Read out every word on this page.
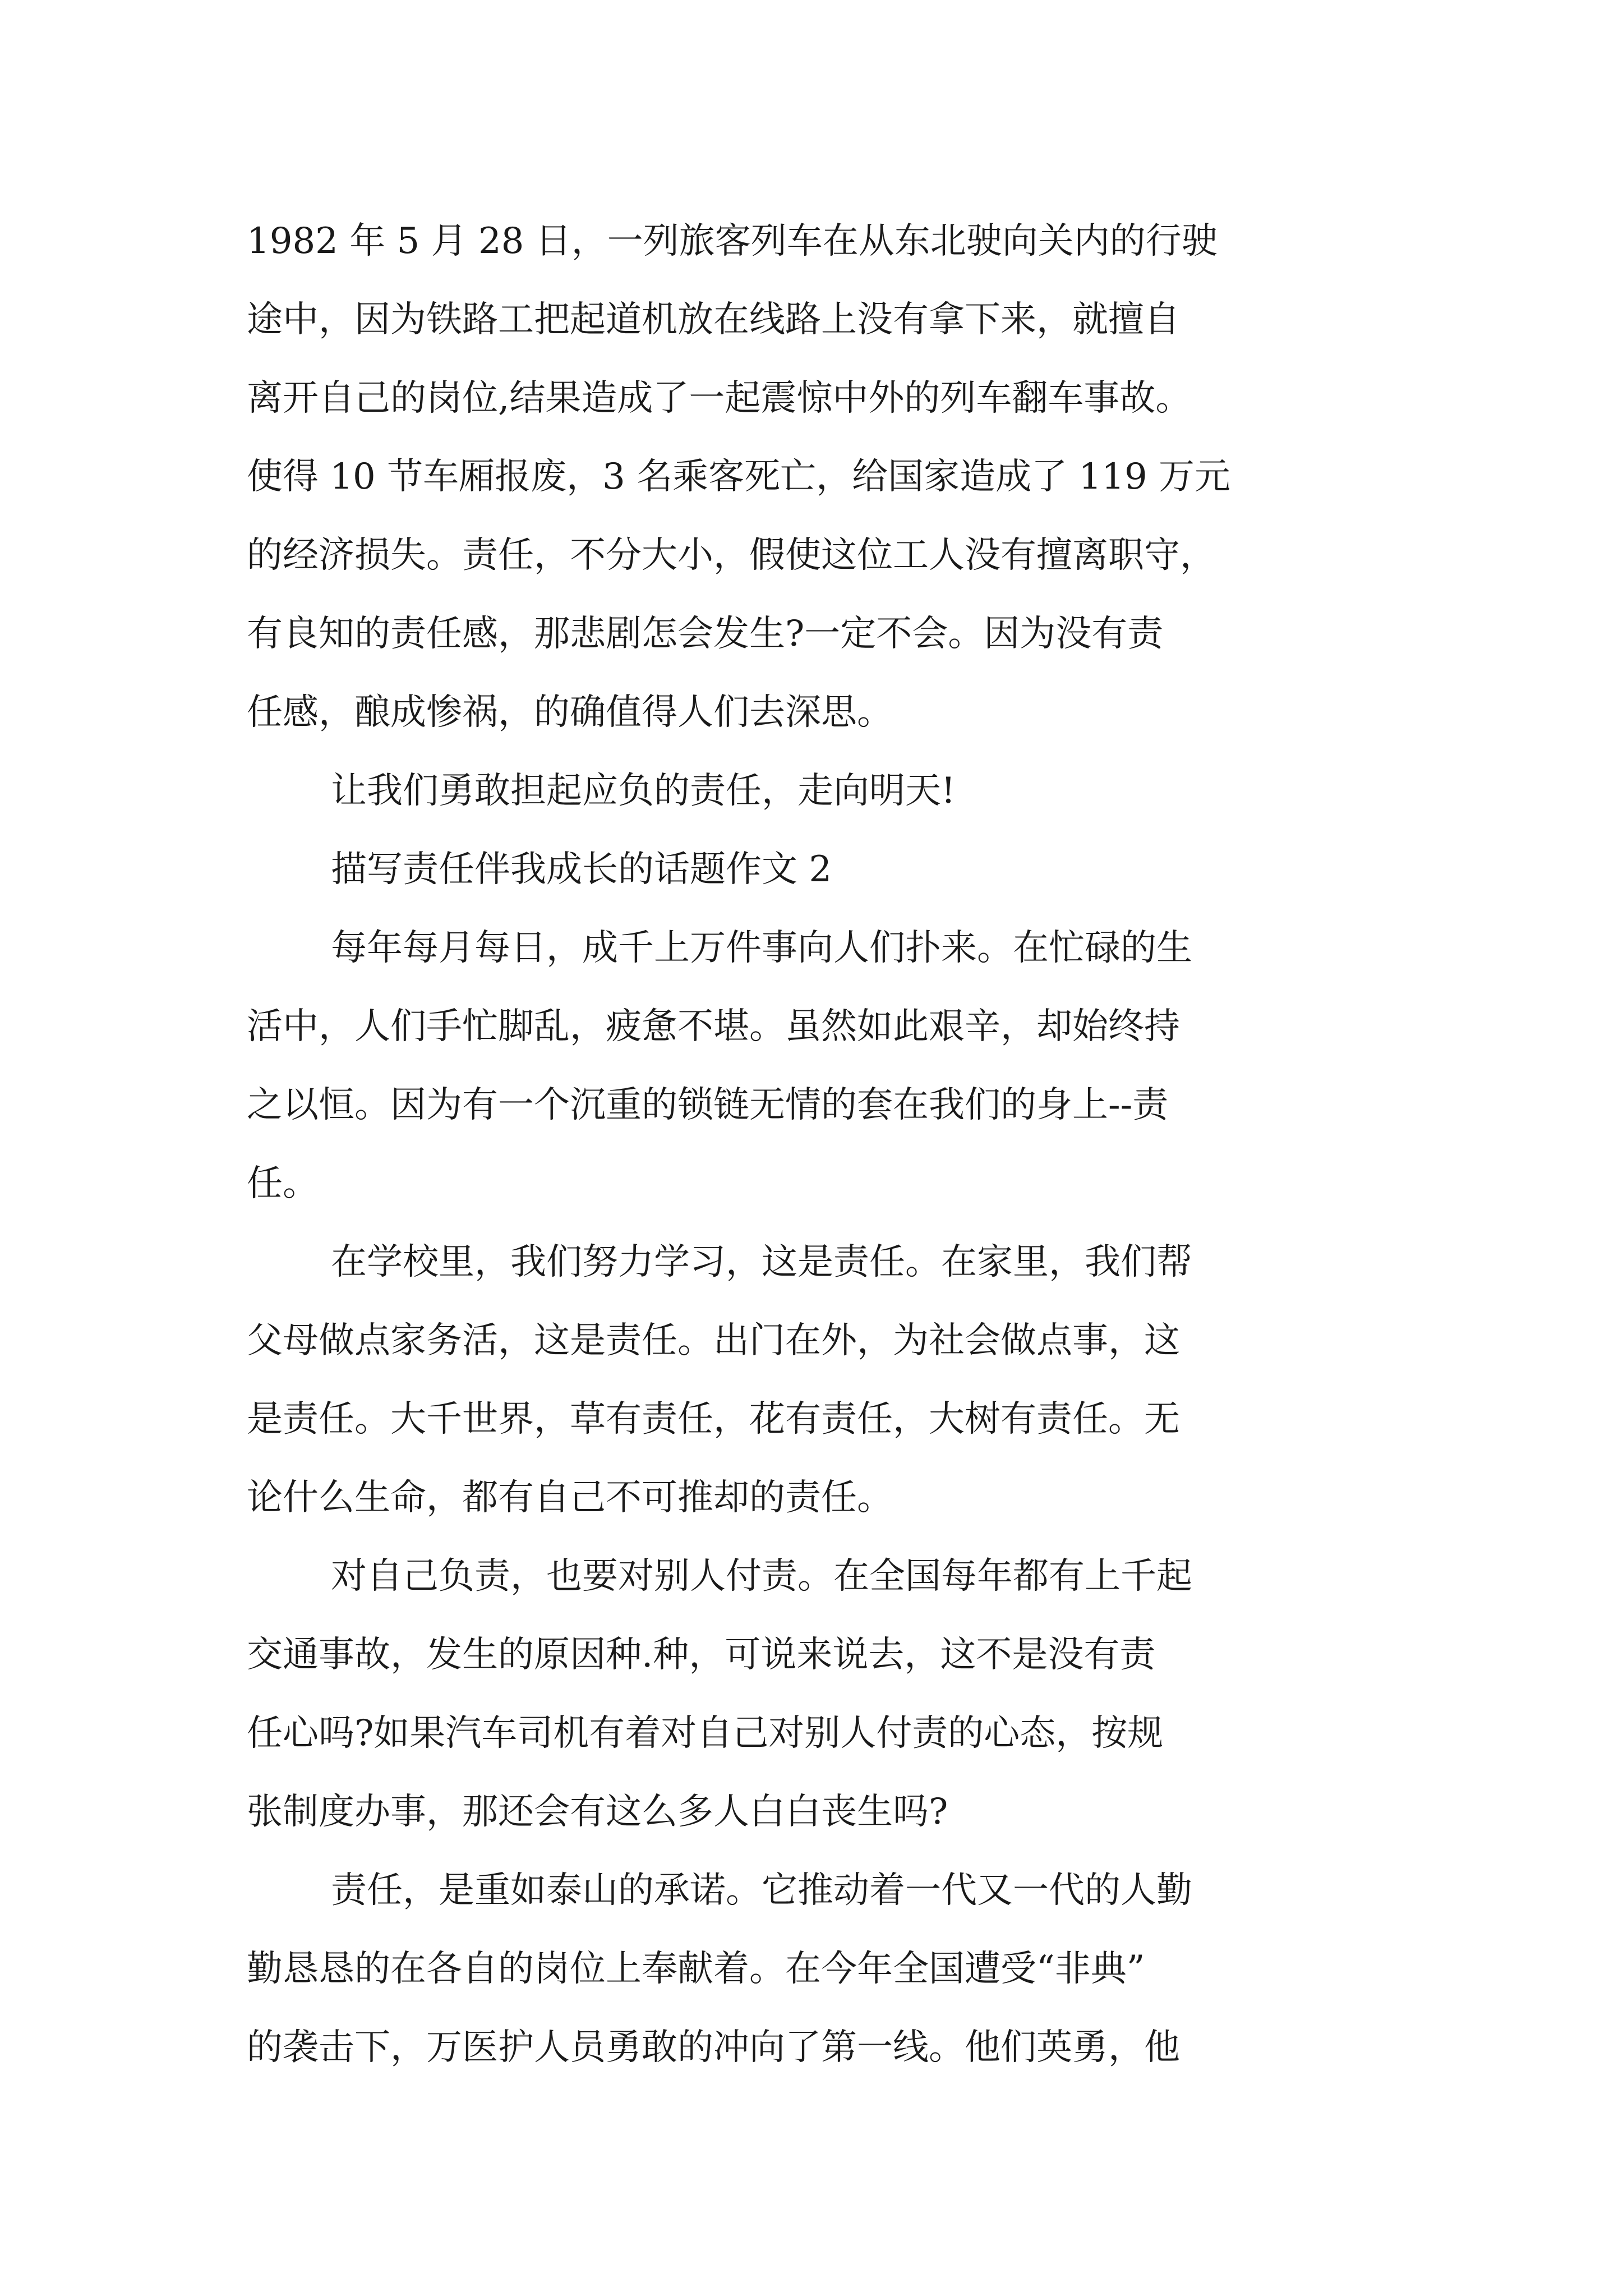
1982 年 5 月 28 日，一列旅客列车在从东北驶向关内的行驶

途中，因为铁路工把起道机放在线路上没有拿下来，就擅自

离开自己的岗位,结果造成了一起震惊中外的列车翻车事故。

使得 10 节车厢报废，3 名乘客死亡，给国家造成了 119 万元

的经济损失。责任，不分大小，假使这位工人没有擅离职守，

有良知的责任感，那悲剧怎会发生?一定不会。因为没有责

任感，酿成惨祸，的确值得人们去深思。

让我们勇敢担起应负的责任，走向明天!

描写责任伴我成长的话题作文 2

每年每月每日，成千上万件事向人们扑来。在忙碌的生

活中，人们手忙脚乱，疲惫不堪。虽然如此艰辛，却始终持

之以恒。因为有一个沉重的锁链无情的套在我们的身上--责

任。

在学校里，我们努力学习，这是责任。在家里，我们帮

父母做点家务活，这是责任。出门在外，为社会做点事，这

是责任。大千世界，草有责任，花有责任，大树有责任。无

论什么生命，都有自己不可推却的责任。

对自己负责，也要对别人付责。在全国每年都有上千起

交通事故，发生的原因种.种，可说来说去，这不是没有责

任心吗?如果汽车司机有着对自己对别人付责的心态，按规

张制度办事，那还会有这么多人白白丧生吗?

责任，是重如泰山的承诺。它推动着一代又一代的人勤

勤恳恳的在各自的岗位上奉献着。在今年全国遭受“非典”

的袭击下，万医护人员勇敢的冲向了第一线。他们英勇，他
